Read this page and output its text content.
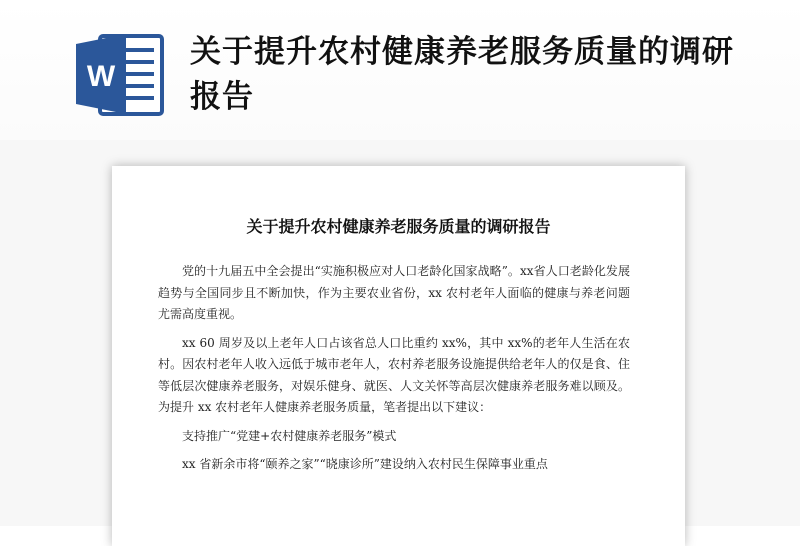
W
关于提升农村健康养老服务质量的调研报告
关于提升农村健康养老服务质量的调研报告

党的十九届五中全会提出“实施积极应对人口老龄化国家战略”。xx省人口老龄化发展趋势与全国同步且不断加快，作为主要农业省份，xx 农村老年人面临的健康与养老问题尤需高度重视。

xx 60 周岁及以上老年人口占该省总人口比重约 xx%，其中 xx%的老年人生活在农村。因农村老年人收入远低于城市老年人，农村养老服务设施提供给老年人的仅是食、住等低层次健康养老服务，对娱乐健身、就医、人文关怀等高层次健康养老服务难以顾及。为提升 xx 农村老年人健康养老服务质量，笔者提出以下建议：

支持推广“党建+农村健康养老服务”模式

xx 省新余市将“颐养之家”“晓康诊所”建设纳入农村民生保障事业重点
